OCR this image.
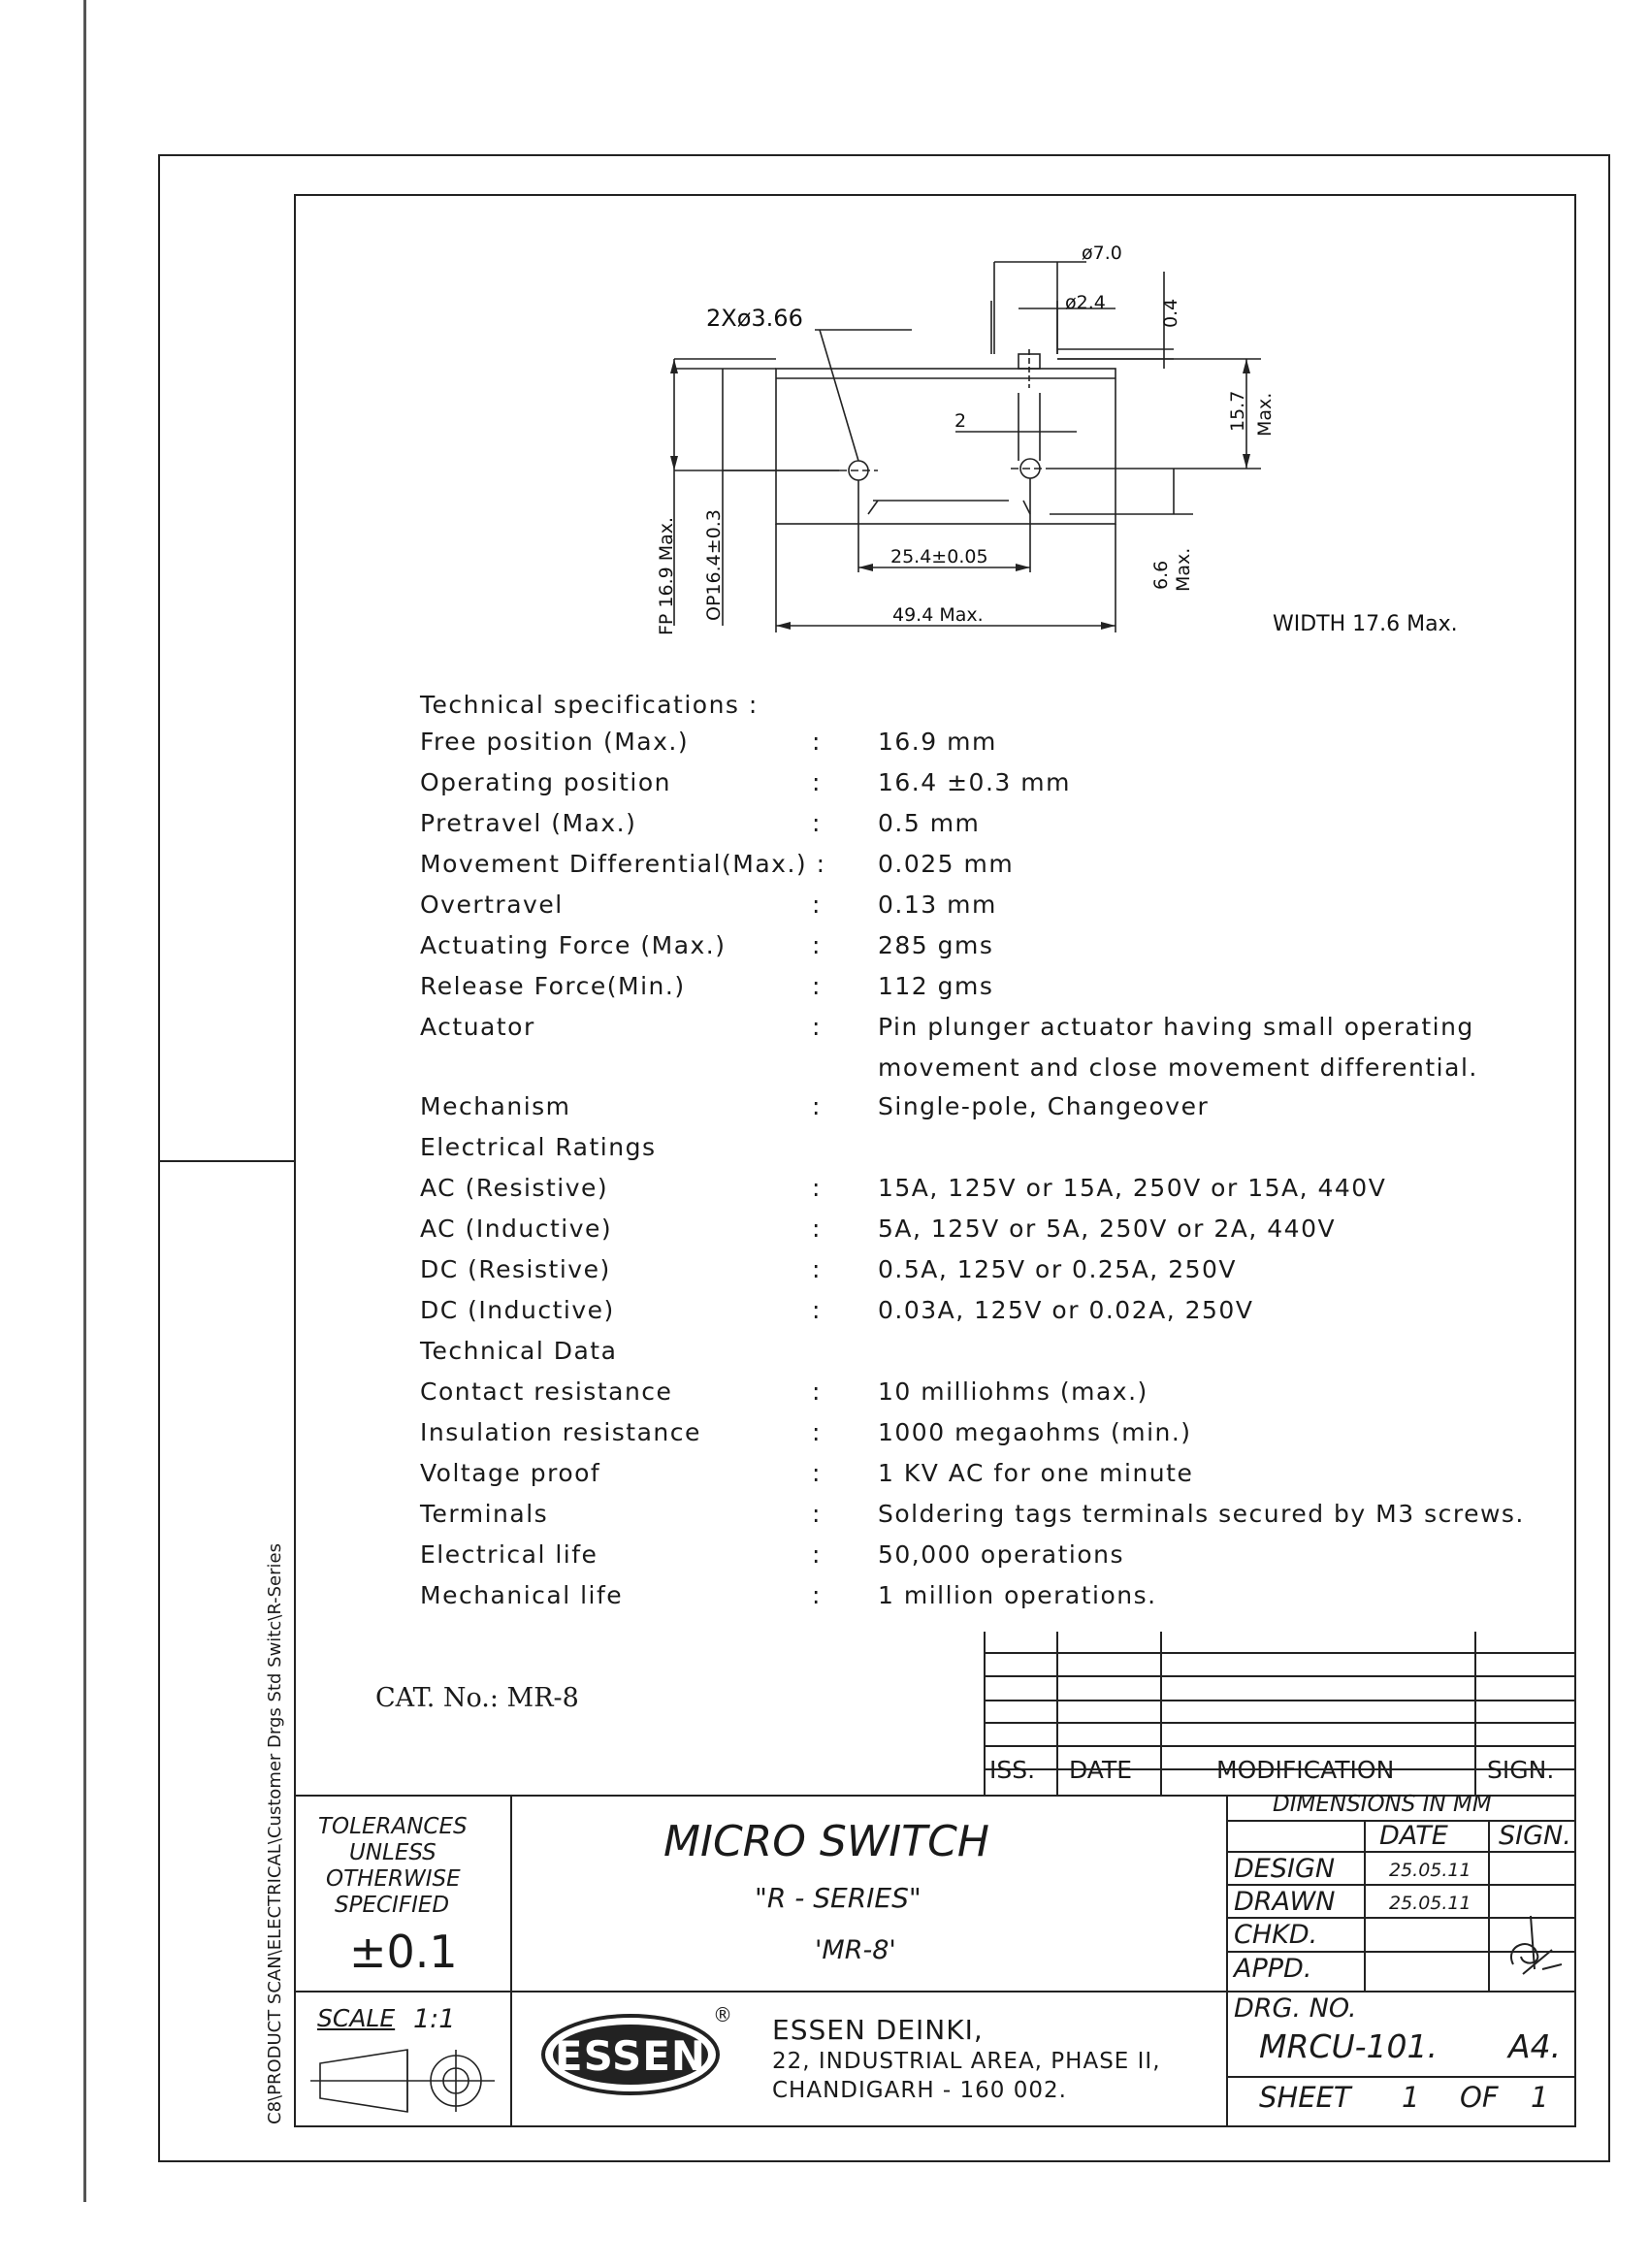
C8\PRODUCT SCAN\ELECTRICAL\Customer Drgs Std Switc\R-Series
ø7.0
ø2.4
2Xø3.66	0.4
2	15.7 Max.
FP 16.9 Max. OP16.4±0.3	25.4±0.05
49.4 Max.
6.6 Max.
WIDTH 17.6 Max.
Technical specifications :
Free position (Max.)	: 16.9 mm
Operating position	: 16.4 ±0.3 mm
Pretravel (Max.)	: 0.5 mm
Movement Differential(Max.) : 0.025 mm
Overtravel	: 0.13 mm
Actuating Force (Max.)	: 285 gms
Release Force(Min.)	: 112 gms
Actuator	: Pin plunger actuator having small operating
movement and close movement differential.
Mechanism	: Single-pole, Changeover
Electrical Ratings
AC (Resistive)	: 15A, 125V or 15A, 250V or 15A, 440V
AC (Inductive)	: 5A, 125V or 5A, 250V or 2A, 440V
DC (Resistive)	: 0.5A, 125V or 0.25A, 250V
DC (Inductive)	: 0.03A, 125V or 0.02A, 250V
Technical Data
Contact resistance	: 10 milliohms (max.)
Insulation resistance	: 1000 megaohms (min.)
Voltage proof	: 1 KV AC for one minute
Terminals	: Soldering tags terminals secured by M3 screws.
Electrical life	: 50,000 operations
Mechanical life	: 1 million operations.
CAT. No.: MR-8
ISS. DATE	MODIFICATION	SIGN.
TOLERANCES
UNLESS
OTHERWISE
SPECIFIED
±0.1
MICRO SWITCH
"R - SERIES"
'MR-8'
DIMENSIONS IN MM
DATE SIGN.
DESIGN	25.05.11
DRAWN	25.05.11
CHKD.
APPD.
SCALE 1:1
ESSEN
® ESSEN DEINKI,
22, INDUSTRIAL AREA, PHASE II,
CHANDIGARH - 160 002.
DRG. NO.
MRCU-101. A4.
SHEET 1 OF 1
